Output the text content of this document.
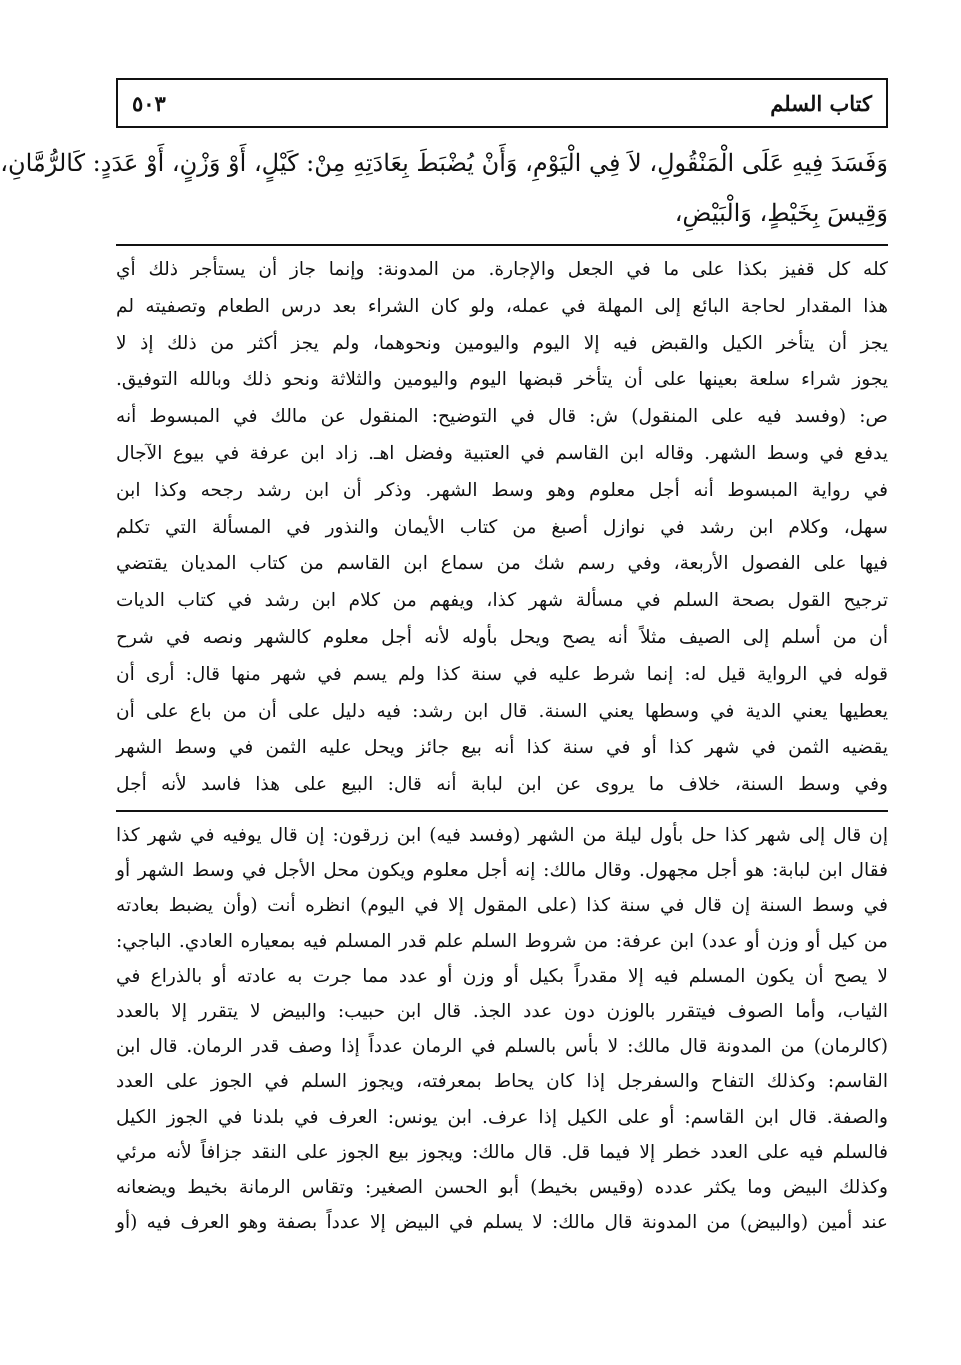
كتاب السلم
٥٠٣
وَفَسَدَ فِيهِ عَلَى الْمَنْقُولِ، لاَ فِي الْيَوْمِ، وَأَنْ يُضْبَطَ بِعَادَتِهِ مِنْ: كَيْلٍ، أَوْ وَزْنٍ، أَوْ عَدَدٍ: كَالرُّمَّانِ،
وَقِيسَ بِخَيْطٍ، وَالْبَيْضِ،
كله كل قفيز بكذا على ما في الجعل والإجارة. من المدونة: وإنما جاز أن يستأجر ذلك أي
هذا المقدار لحاجة البائع إلى المهلة في عمله، ولو كان الشراء بعد درس الطعام وتصفيته لم
يجز أن يتأخر الكيل والقبض فيه إلا اليوم واليومين ونحوهما، ولم يجز أكثر من ذلك إذ لا
يجوز شراء سلعة بعينها على أن يتأخر قبضها اليوم واليومين والثلاثة ونحو ذلك وبالله التوفيق.
ص: (وفسد فيه على المنقول) ش: قال في التوضيح: المنقول عن مالك في المبسوط أنه
يدفع في وسط الشهر. وقاله ابن القاسم في العتبية وفضل اهـ. زاد ابن عرفة في بيوع الآجال
في رواية المبسوط أنه أجل معلوم وهو وسط الشهر. وذكر أن ابن رشد رجحه وكذا ابن
سهل، وكلام ابن رشد في نوازل أصبغ من كتاب الأيمان والنذور في المسألة التي تكلم
فيها على الفصول الأربعة، وفي رسم شك من سماع ابن القاسم من كتاب المديان يقتضي
ترجيح القول بصحة السلم في مسألة شهر كذا، ويفهم من كلام ابن رشد في كتاب الديات
أن من أسلم إلى الصيف مثلاً أنه يصح ويحل بأوله لأنه أجل معلوم كالشهر ونصه في شرح
قوله في الرواية قيل له: إنما شرط عليه في سنة كذا ولم يسم في شهر منها قال: أرى أن
يعطيها يعني الدية في وسطها يعني السنة. قال ابن رشد: فيه دليل على أن من باع على أن
يقضيه الثمن في شهر كذا أو في سنة كذا أنه بيع جائز ويحل عليه الثمن في وسط الشهر
وفي وسط السنة، خلاف ما يروى عن ابن لبابة أنه قال: البيع على هذا فاسد لأنه أجل
إن قال إلى شهر كذا حل بأول ليلة من الشهر (وفسد فيه) ابن زرقون: إن قال يوفيه في شهر كذا
فقال ابن لبابة: هو أجل مجهول. وقال مالك: إنه أجل معلوم ويكون محل الأجل في وسط الشهر أو
في وسط السنة إن قال في سنة كذا (على المقول إلا في اليوم) انظره أنت (وأن يضبط بعادته
من كيل أو وزن أو عدد) ابن عرفة: من شروط السلم علم قدر المسلم فيه بمعياره العادي. الباجي:
لا يصح أن يكون المسلم فيه إلا مقدراً بكيل أو وزن أو عدد مما جرت به عادته أو بالذراع في
الثياب، وأما الصوف فيتقرر بالوزن دون عدد الجذ. قال ابن حبيب: والبيض لا يتقرر إلا بالعدد
(كالرمان) من المدونة قال مالك: لا بأس بالسلم في الرمان عدداً إذا وصف قدر الرمان. قال ابن
القاسم: وكذلك التفاح والسفرجل إذا كان يحاط بمعرفته، ويجوز السلم في الجوز على العدد
والصفة. قال ابن القاسم: أو على الكيل إذا عرف. ابن يونس: العرف في بلدنا في الجوز الكيل
فالسلم فيه على العدد خطر إلا فيما قل. قال مالك: ويجوز بيع الجوز على النقد جزافاً لأنه مرئي
وكذلك البيض وما يكثر عدده (وقيس بخيط) أبو الحسن الصغير: وتقاس الرمانة بخيط ويضعانه
عند أمين (والبيض) من المدونة قال مالك: لا يسلم في البيض إلا عدداً بصفة وهو العرف فيه (أو
